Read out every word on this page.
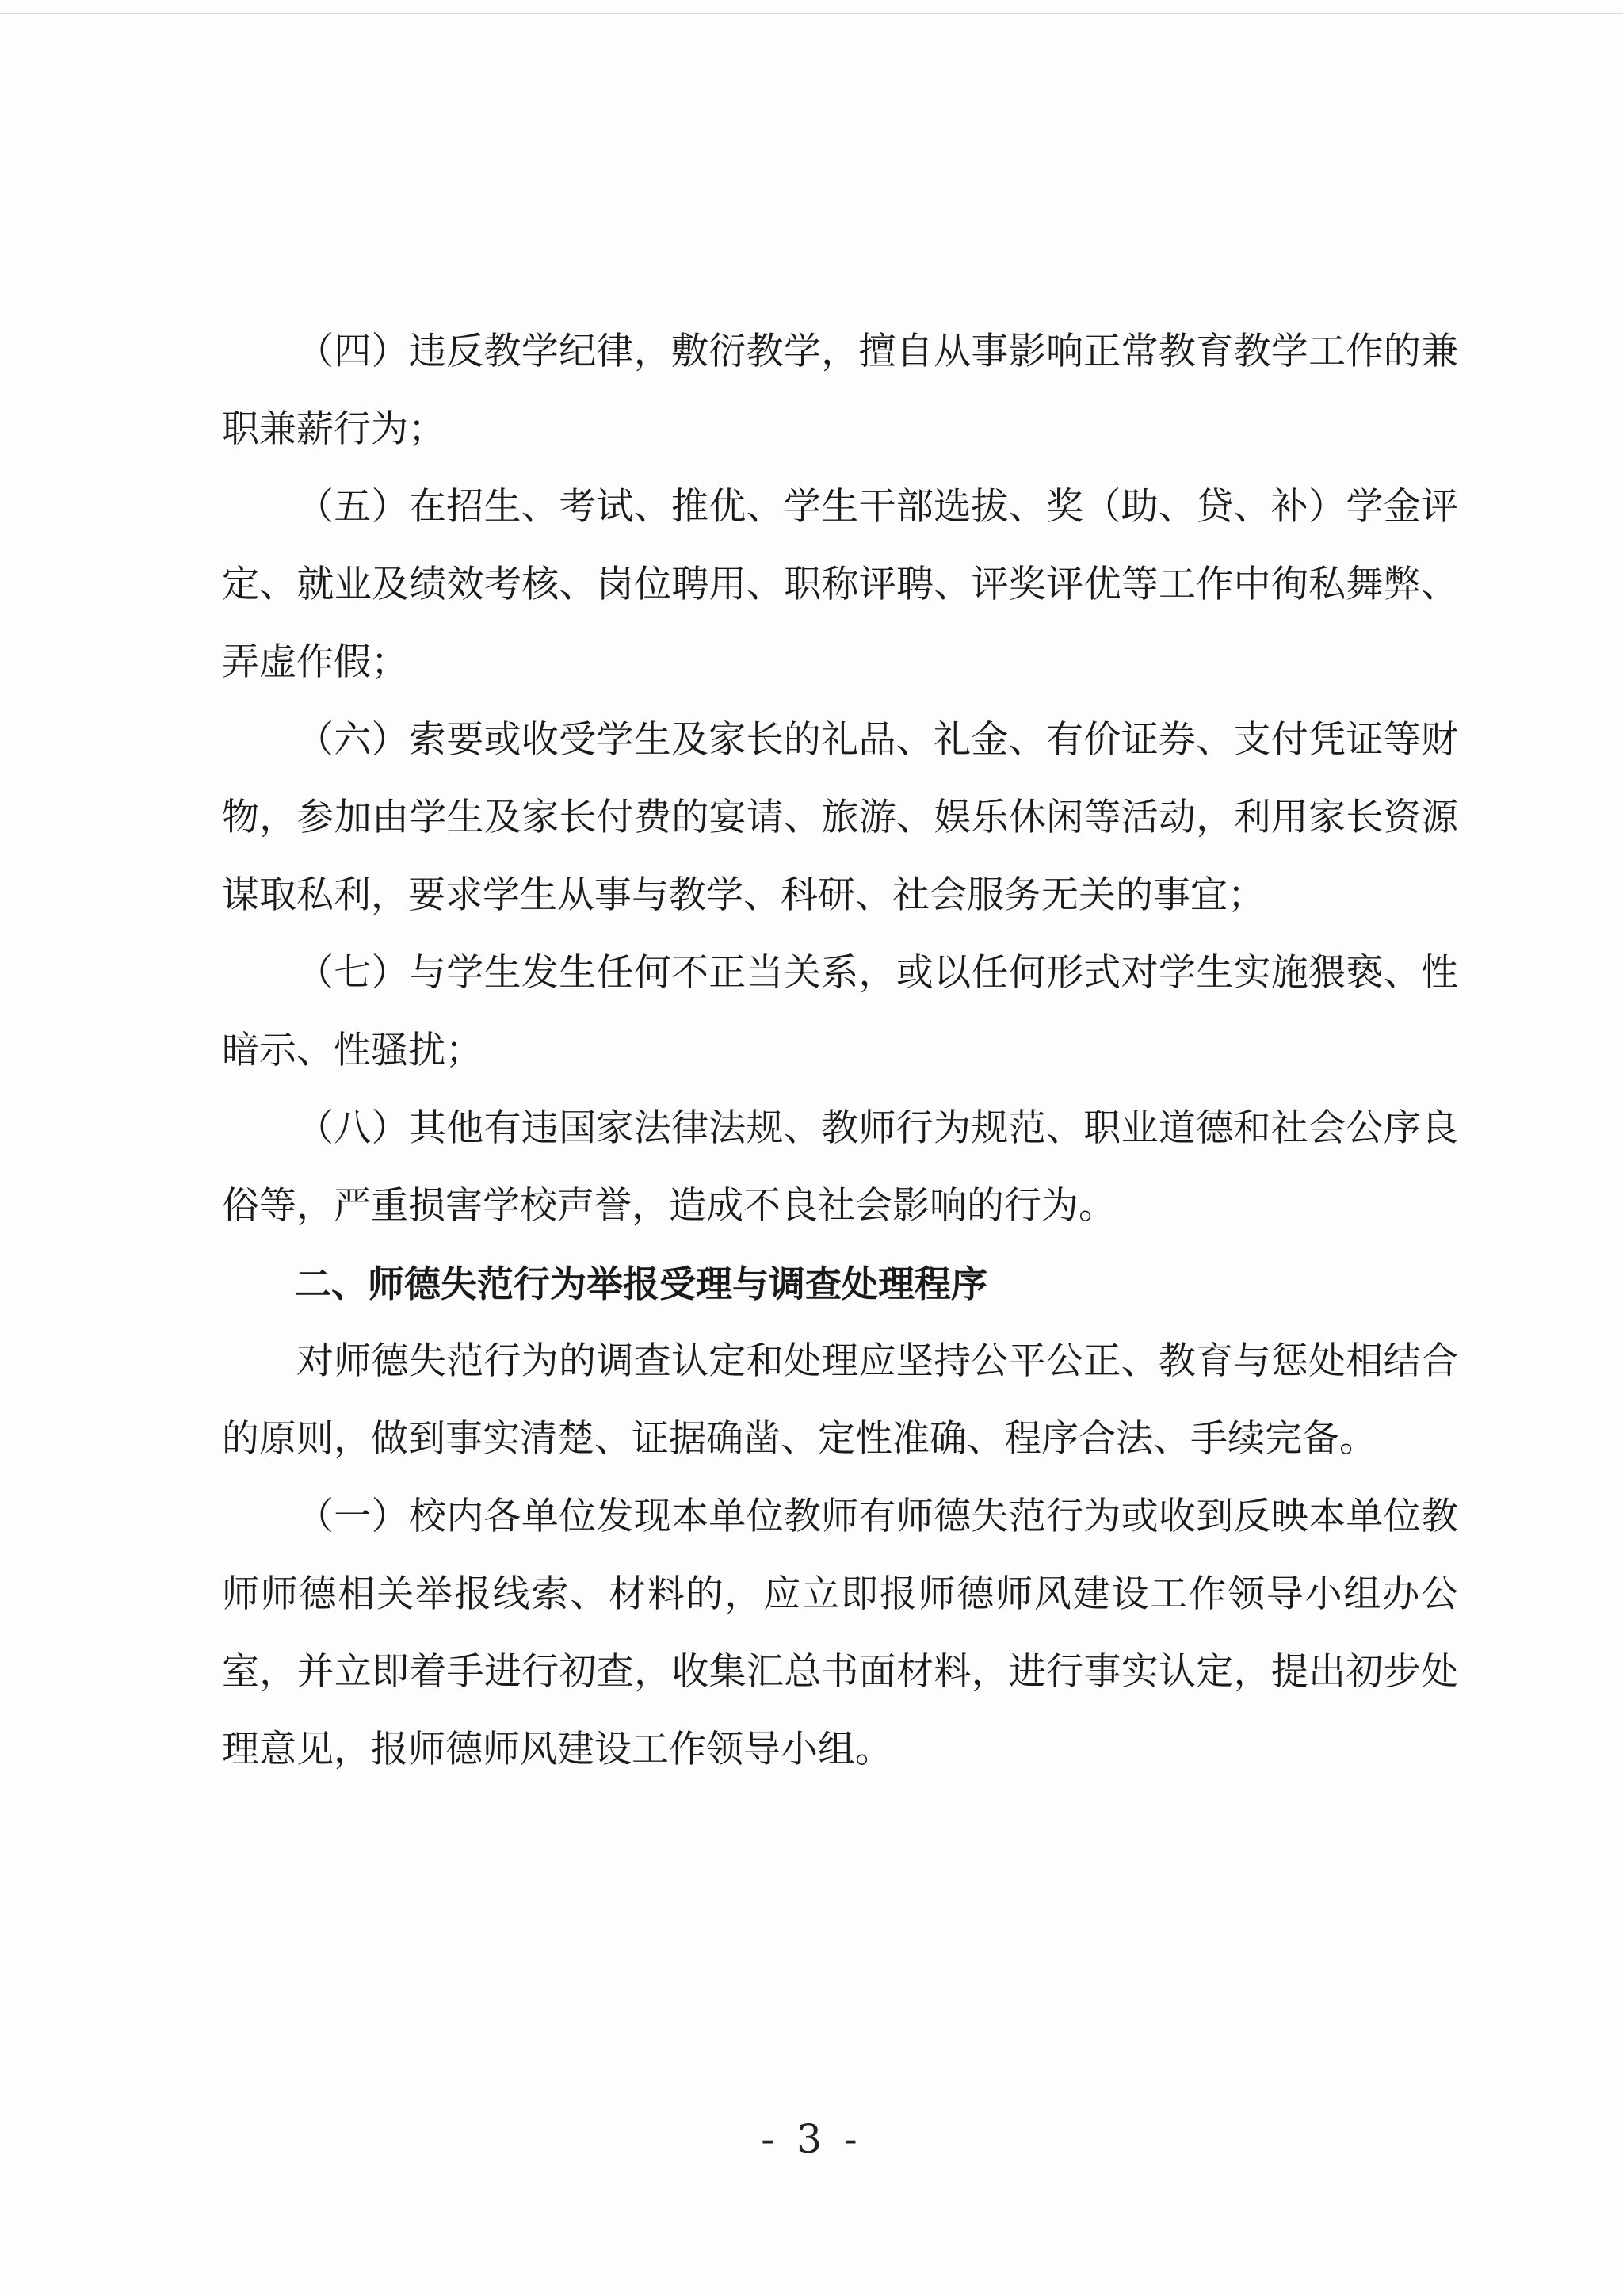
（四）违反教学纪律，敷衍教学，擅自从事影响正常教育教学工作的兼职兼薪行为；

（五）在招生、考试、推优、学生干部选拔、奖（助、贷、补）学金评定、就业及绩效考核、岗位聘用、职称评聘、评奖评优等工作中徇私舞弊、弄虚作假；

（六）索要或收受学生及家长的礼品、礼金、有价证券、支付凭证等财物，参加由学生及家长付费的宴请、旅游、娱乐休闲等活动，利用家长资源谋取私利，要求学生从事与教学、科研、社会服务无关的事宜；

（七）与学生发生任何不正当关系，或以任何形式对学生实施猥亵、性暗示、性骚扰；

（八）其他有违国家法律法规、教师行为规范、职业道德和社会公序良俗等，严重损害学校声誉，造成不良社会影响的行为。

二、师德失范行为举报受理与调查处理程序

对师德失范行为的调查认定和处理应坚持公平公正、教育与惩处相结合的原则，做到事实清楚、证据确凿、定性准确、程序合法、手续完备。

（一）校内各单位发现本单位教师有师德失范行为或收到反映本单位教师师德相关举报线索、材料的，应立即报师德师风建设工作领导小组办公室，并立即着手进行初查，收集汇总书面材料，进行事实认定，提出初步处理意见，报师德师风建设工作领导小组。

- 3 -
